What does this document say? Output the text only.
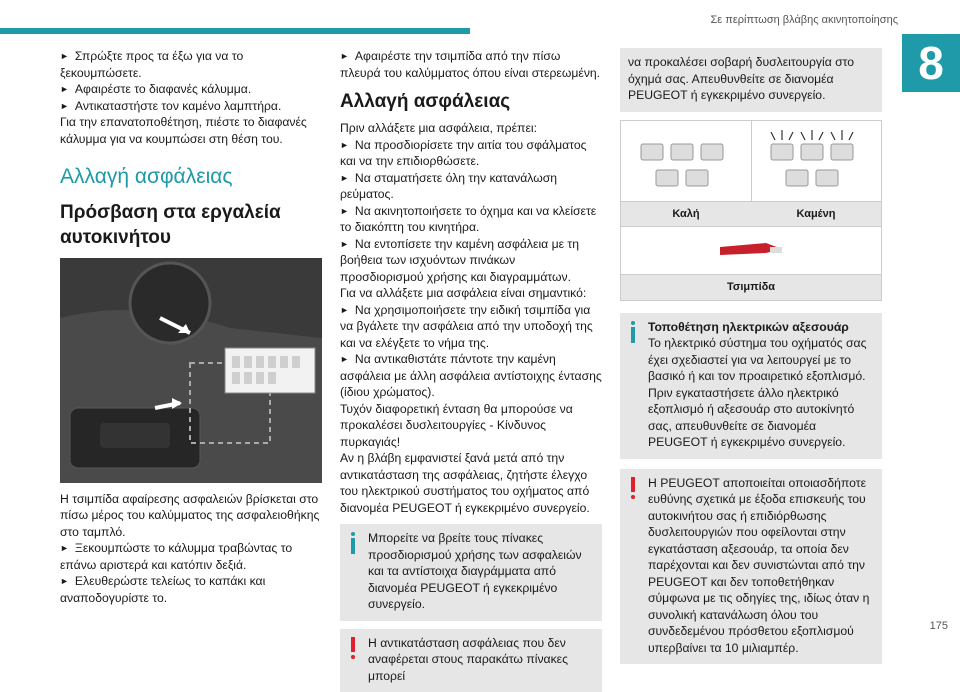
Σε περίπτωση βλάβης ακινητοποίησης
8
175

► Σπρώξτε προς τα έξω για να το ξεκουμπώσετε.

► Αφαιρέστε το διαφανές κάλυμμα.

► Αντικαταστήστε τον καμένο λαμπτήρα.

Για την επανατοποθέτηση, πιέστε το διαφανές κάλυμμα για να κουμπώσει στη θέση του.

Αλλαγή ασφάλειας
Πρόσβαση στα εργαλεία αυτοκινήτου

Η τσιμπίδα αφαίρεσης ασφαλειών βρίσκεται στο πίσω μέρος του καλύμματος της ασφαλειοθήκης στο ταμπλό.

► Ξεκουμπώστε το κάλυμμα τραβώντας το επάνω αριστερά και κατόπιν δεξιά.

► Ελευθερώστε τελείως το καπάκι και αναποδογυρίστε το.

► Αφαιρέστε την τσιμπίδα από την πίσω πλευρά του καλύμματος όπου είναι στερεωμένη.

Αλλαγή ασφάλειας

Πριν αλλάξετε μια ασφάλεια, πρέπει:

► Να προσδιορίσετε την αιτία του σφάλματος και να την επιδιορθώσετε.

► Να σταματήσετε όλη την κατανάλωση ρεύματος.

► Να ακινητοποιήσετε το όχημα και να κλείσετε το διακόπτη του κινητήρα.

► Να εντοπίσετε την καμένη ασφάλεια με τη βοήθεια των ισχυόντων πινάκων προσδιορισμού χρήσης και διαγραμμάτων.

Για να αλλάξετε μια ασφάλεια είναι σημαντικό:

► Να χρησιμοποιήσετε την ειδική τσιμπίδα για να βγάλετε την ασφάλεια από την υποδοχή της και να ελέγξετε το νήμα της.

► Να αντικαθιστάτε πάντοτε την καμένη ασφάλεια με άλλη ασφάλεια αντίστοιχης έντασης (ίδιου χρώματος).

Τυχόν διαφορετική ένταση θα μπορούσε να προκαλέσει δυσλειτουργίες - Κίνδυνος πυρκαγιάς!

Αν η βλάβη εμφανιστεί ξανά μετά από την αντικατάσταση της ασφάλειας, ζητήστε έλεγχο του ηλεκτρικού συστήματος του οχήματος από διανομέα PEUGEOT ή εγκεκριμένο συνεργείο.

Μπορείτε να βρείτε τους πίνακες προσδιορισμού χρήσης των ασφαλειών και τα αντίστοιχα διαγράμματα από διανομέα PEUGEOT ή εγκεκριμένο συνεργείο.

Η αντικατάσταση ασφάλειας που δεν αναφέρεται στους παρακάτω πίνακες μπορεί

να προκαλέσει σοβαρή δυσλειτουργία στο όχημά σας. Απευθυνθείτε σε διανομέα PEUGEOT ή εγκεκριμένο συνεργείο.

Καλή	Καμένη
Τσιμπίδα

Τοποθέτηση ηλεκτρικών αξεσουάρ

Το ηλεκτρικό σύστημα του οχήματός σας έχει σχεδιαστεί για να λειτουργεί με το βασικό ή και τον προαιρετικό εξοπλισμό.

Πριν εγκαταστήσετε άλλο ηλεκτρικό εξοπλισμό ή αξεσουάρ στο αυτοκίνητό σας, απευθυνθείτε σε διανομέα PEUGEOT ή εγκεκριμένο συνεργείο.

Η PEUGEOT αποποιείται οποιασδήποτε ευθύνης σχετικά με έξοδα επισκευής του αυτοκινήτου σας ή επιδιόρθωσης δυσλειτουργιών που οφείλονται στην εγκατάσταση αξεσουάρ, τα οποία δεν παρέχονται και δεν συνιστώνται από την PEUGEOT και δεν τοποθετήθηκαν σύμφωνα με τις οδηγίες της, ιδίως όταν η συνολική κατανάλωση όλου του συνδεδεμένου πρόσθετου εξοπλισμού υπερβαίνει τα 10 μιλιαμπέρ.
